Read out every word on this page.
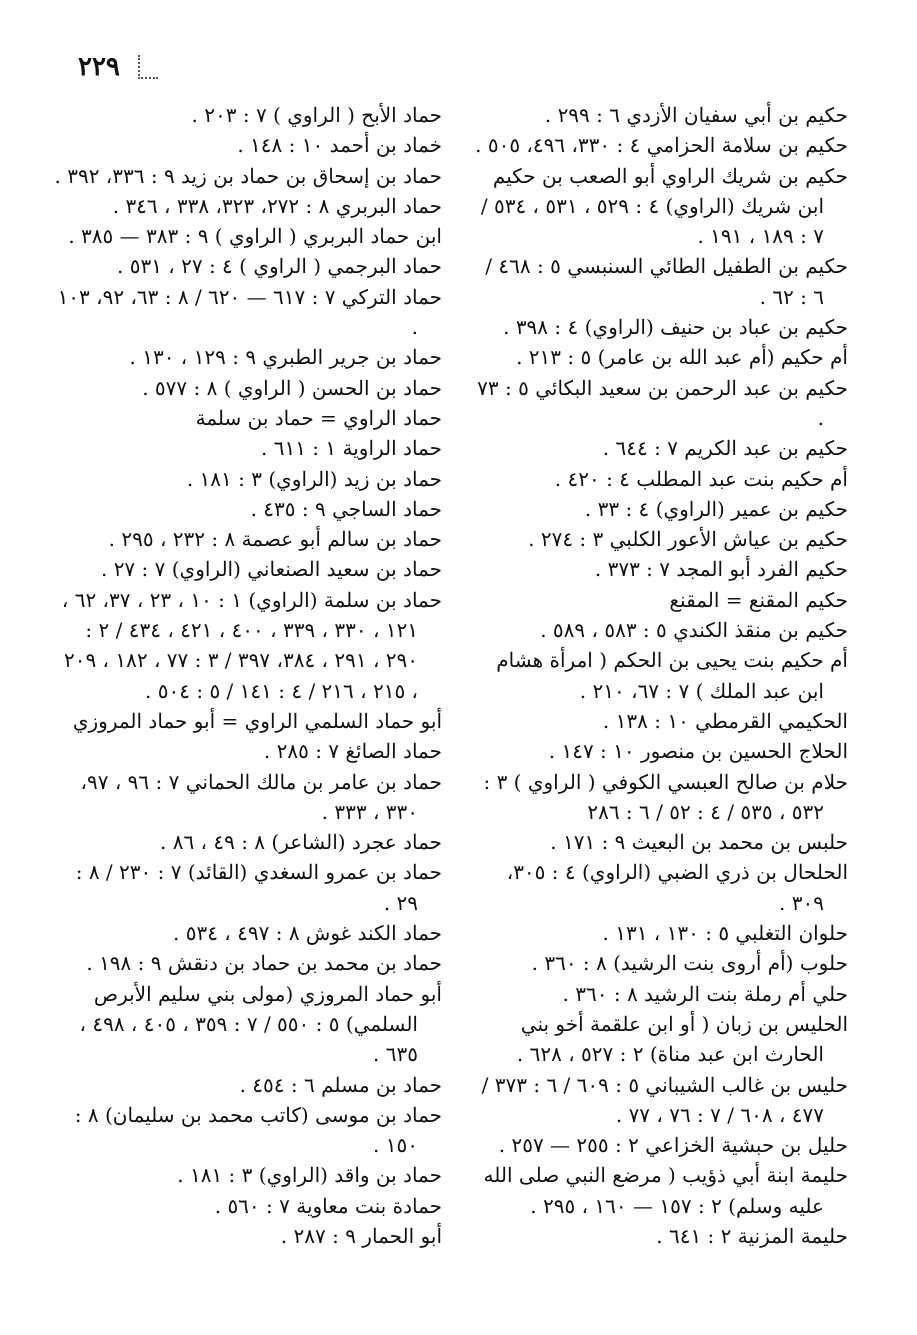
٢٢٩
حكيم بن أبي سفيان الأزدي ٦ : ٢٩٩ .
حكيم بن سلامة الحزامي ٤ : ٣٣٠، ٤٩٦، ٥٠٥ .
حكيم بن شريك الراوي أبو الصعب بن حكيم ابن شريك (الراوي) ٤ : ٥٢٩ ، ٥٣١ ، ٥٣٤ / ٧ : ١٨٩ ، ١٩١ .
حكيم بن الطفيل الطائي السنبسي ٥ : ٤٦٨ / ٦ : ٦٢ .
حكيم بن عباد بن حنيف (الراوي) ٤ : ٣٩٨ .
أم حكيم (أم عبد الله بن عامر) ٥ : ٢١٣ .
حكيم بن عبد الرحمن بن سعيد البكائي ٥ : ٧٣ .
حكيم بن عبد الكريم ٧ : ٦٤٤ .
أم حكيم بنت عبد المطلب ٤ : ٤٢٠ .
حكيم بن عمير (الراوي) ٤ : ٣٣ .
حكيم بن عياش الأعور الكلبي ٣ : ٢٧٤ .
حكيم الفرد أبو المجد ٧ : ٣٧٣ .
حكيم المقنع = المقنع
حكيم بن منقذ الكندي ٥ : ٥٨٣ ، ٥٨٩ .
أم حكيم بنت يحيى بن الحكم ( امرأة هشام ابن عبد الملك ) ٧ : ٦٧، ٢١٠ .
الحكيمي القرمطي ١٠ : ١٣٨ .
الحلاج الحسين بن منصور ١٠ : ١٤٧ .
حلام بن صالح العبسي الكوفي ( الراوي ) ٣ : ٥٣٢ ، ٥٣٥ / ٤ : ٥٢ / ٦ : ٢٨٦
حلبس بن محمد بن البعيث ٩ : ١٧١ .
الحلحال بن ذري الضبي (الراوي) ٤ : ٣٠٥، ٣٠٩ .
حلوان التغلبي ٥ : ١٣٠ ، ١٣١ .
حلوب (أم أروى بنت الرشيد) ٨ : ٣٦٠ .
حلي أم رملة بنت الرشيد ٨ : ٣٦٠ .
الحليس بن زبان ( أو ابن علقمة أخو بني الحارث ابن عبد مناة) ٢ : ٥٢٧ ، ٦٢٨ .
حليس بن غالب الشيباني ٥ : ٦٠٩ / ٦ : ٣٧٣ / ٤٧٧ ، ٦٠٨ / ٧ : ٧٦ ، ٧٧ .
حليل بن حبشية الخزاعي ٢ : ٢٥٥ — ٢٥٧ .
حليمة ابنة أبي ذؤيب ( مرضع النبي صلى الله عليه وسلم) ٢ : ١٥٧ — ١٦٠ ، ٢٩٥ .
حليمة المزنية ٢ : ٦٤١ .
حماد الأبح ( الراوي ) ٧ : ٢٠٣ .
خماد بن أحمد ١٠ : ١٤٨ .
حماد بن إسحاق بن حماد بن زيد ٩ : ٣٣٦، ٣٩٢ .
حماد البربري ٨ : ٢٧٢، ٣٢٣، ٣٣٨ ، ٣٤٦ .
ابن حماد البربري ( الراوي ) ٩ : ٣٨٣ — ٣٨٥ .
حماد البرجمي ( الراوي ) ٤ : ٢٧ ، ٥٣١ .
حماد التركي ٧ : ٦١٧ — ٦٢٠ / ٨ : ٦٣، ٩٢، ١٠٣ .
حماد بن جرير الطبري ٩ : ١٢٩ ، ١٣٠ .
حماد بن الحسن ( الراوي ) ٨ : ٥٧٧ .
حماد الراوي = حماد بن سلمة
حماد الراوية ١ : ٦١١ .
حماد بن زيد (الراوي) ٣ : ١٨١ .
حماد الساجي ٩ : ٤٣٥ .
حماد بن سالم أبو عصمة ٨ : ٢٣٢ ، ٢٩٥ .
حماد بن سعيد الصنعاني (الراوي) ٧ : ٢٧ .
حماد بن سلمة (الراوي) ١ : ١٠ ، ٢٣ ، ٣٧، ٦٢ ، ١٢١ ، ٣٣٠ ، ٣٣٩ ، ٤٠٠ ، ٤٢١ ، ٤٣٤ / ٢ : ٢٩٠ ، ٢٩١ ، ٣٨٤، ٣٩٧ / ٣ : ٧٧ ، ١٨٢ ، ٢٠٩ ، ٢١٥ ، ٢١٦ / ٤ : ١٤١ / ٥ : ٥٠٤ .
أبو حماد السلمي الراوي = أبو حماد المروزي
حماد الصائغ ٧ : ٢٨٥ .
حماد بن عامر بن مالك الحماني ٧ : ٩٦ ، ٩٧، ٣٣٠ ، ٣٣٣ .
حماد عجرد (الشاعر) ٨ : ٤٩ ، ٨٦ .
حماد بن عمرو السغدي (القائد) ٧ : ٢٣٠ / ٨ : ٢٩ .
حماد الكند غوش ٨ : ٤٩٧ ، ٥٣٤ .
حماد بن محمد بن حماد بن دنقش ٩ : ١٩٨ .
أبو حماد المروزي (مولى بني سليم الأبرص السلمي) ٥ : ٥٥٠ / ٧ : ٣٥٩ ، ٤٠٥ ، ٤٩٨ ، ٦٣٥ .
حماد بن مسلم ٦ : ٤٥٤ .
حماد بن موسى (كاتب محمد بن سليمان) ٨ : ١٥٠ .
حماد بن واقد (الراوي) ٣ : ١٨١ .
حمادة بنت معاوية ٧ : ٥٦٠ .
أبو الحمار ٩ : ٢٨٧ .
